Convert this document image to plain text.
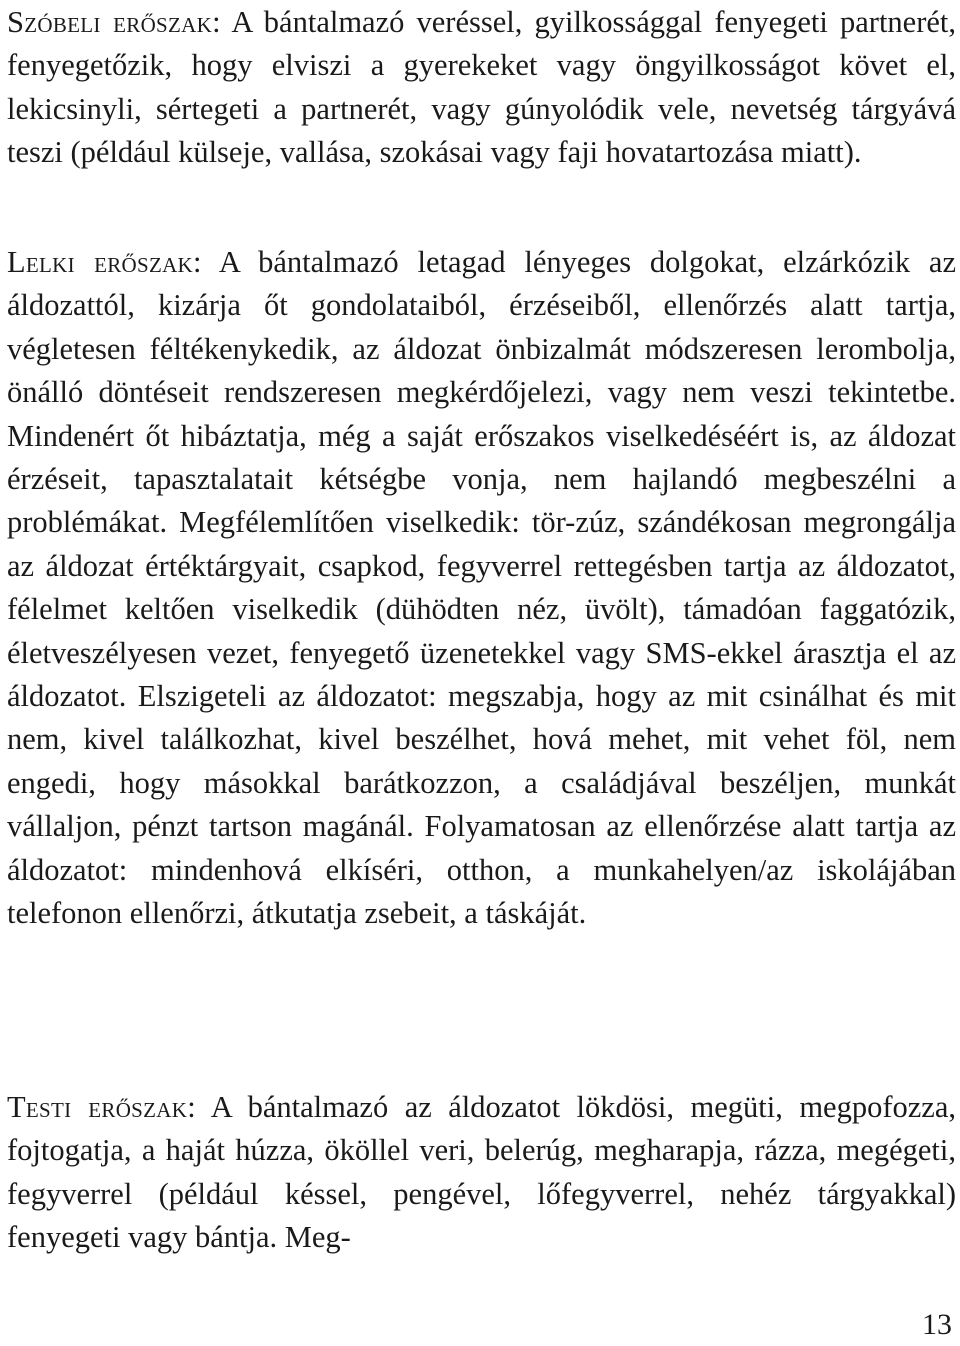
Szóbeli erőszak: A bántalmazó veréssel, gyilkossággal fenyegeti partnerét, fenyegetőzik, hogy elviszi a gyerekeket vagy öngyilkosságot követ el, lekicsinyli, sértegeti a partnerét, vagy gúnyolódik vele, nevetség tárgyává teszi (például külseje, vallása, szokásai vagy faji hovatartozása miatt).

Lelki erőszak: A bántalmazó letagad lényeges dolgokat, elzárkózik az áldozattól, kizárja őt gondolataiból, érzéseiből, ellenőrzés alatt tartja, végletesen féltékenykedik, az áldozat önbizalmát módszeresen lerombolja, önálló döntéseit rendszeresen megkérdőjelezi, vagy nem veszi tekintetbe. Mindenért őt hibáztatja, még a saját erőszakos viselkedéséért is, az áldozat érzéseit, tapasztalatait kétségbe vonja, nem hajlandó megbeszélni a problémákat. Megfélemlítően viselkedik: tör-zúz, szándékosan megrongálja az áldozat értéktárgyait, csapkod, fegyverrel rettegésben tartja az áldozatot, félelmet keltően viselkedik (dühödten néz, üvölt), támadóan faggatózik, életveszélyesen vezet, fenyegető üzenetekkel vagy SMS-ekkel árasztja el az áldozatot. Elszigeteli az áldozatot: megszabja, hogy az mit csinálhat és mit nem, kivel találkozhat, kivel beszélhet, hová mehet, mit vehet föl, nem engedi, hogy másokkal barátkozzon, a családjával beszéljen, munkát vállaljon, pénzt tartson magánál. Folyamatosan az ellenőrzése alatt tartja az áldozatot: mindenhová elkíséri, otthon, a munkahelyen/az iskolájában telefonon ellenőrzi, átkutatja zsebeit, a táskáját.

Testi erőszak: A bántalmazó az áldozatot lökdösi, megüti, megpofozza, fojtogatja, a haját húzza, ököllel veri, belerúg, megharapja, rázza, megégeti, fegyverrel (például késsel, pengével, lőfegyverrel, nehéz tárgyakkal) fenyegeti vagy bántja. Meg-

13
